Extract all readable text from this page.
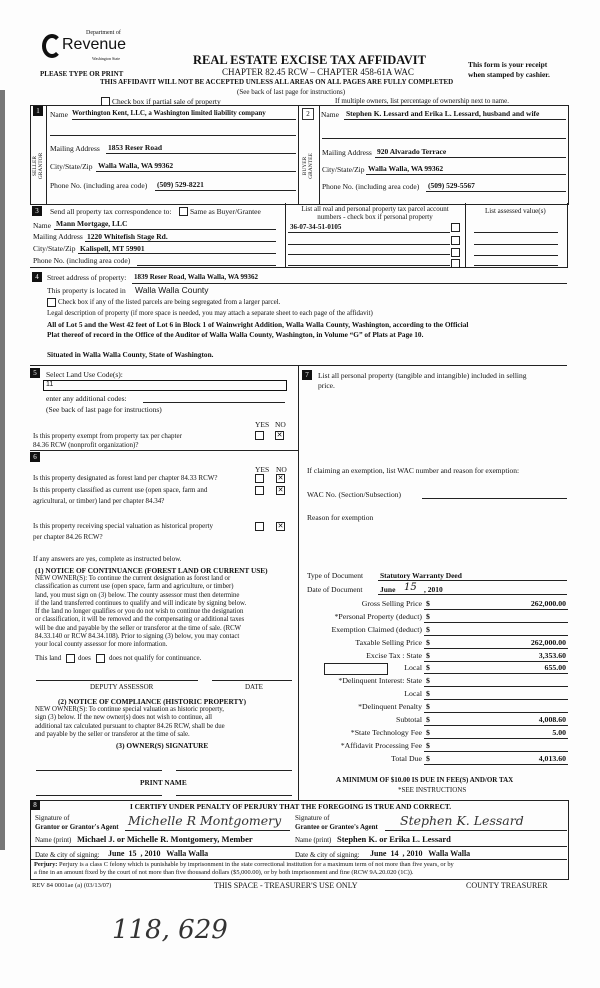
Department of
Revenue
Washington State
PLEASE TYPE OR PRINT
REAL ESTATE EXCISE TAX AFFIDAVIT
CHAPTER 82.45 RCW – CHAPTER 458-61A WAC
THIS AFFIDAVIT WILL NOT BE ACCEPTED UNLESS ALL AREAS ON ALL PAGES ARE FULLY COMPLETED
(See back of last page for instructions)
This form is your receipt
when stamped by cashier.
Check box if partial sale of property	If multiple owners, list percentage of ownership next to name.
1
SELLER GRANTOR
Name Worthington Kent, LLC, a Washington limited liability company
Mailing Address 1853 Reser Road
City/State/Zip Walla Walla, WA 99362
Phone No. (including area code) (509) 529-8221
2
BUYER GRANTEE
Name Stephen K. Lessard and Erika L. Lessard, husband and wife
Mailing Address 920 Alvarado Terrace
City/State/Zip Walla Walla, WA 99362
Phone No. (including area code) (509) 529-5567
3	Send all property tax correspondence to: Same as Buyer/Grantee
Name Mann Mortgage, LLC
Mailing Address 1220 Whitefish Stage Rd.
City/State/Zip Kalispell, MT 59901
Phone No. (including area code)
List all real and personal property tax parcel account numbers - check box if personal property
List assessed value(s)
36-07-34-51-0105
4	Street address of property: 1839 Reser Road, Walla Walla, WA 99362
This property is located in Walla Walla County
Check box if any of the listed parcels are being segregated from a larger parcel.
Legal description of property (if more space is needed, you may attach a separate sheet to each page of the affidavit)
All of Lot 5 and the West 42 feet of Lot 6 in Block 1 of Wainwright Addition, Walla Walla County, Washington, according to the Official
Plat thereof of record in the Office of the Auditor of Walla Walla County, Washington, in Volume “G” of Plats at Page 10.
Situated in Walla Walla County, State of Washington.
5	Select Land Use Code(s):
11
enter any additional codes:
(See back of last page for instructions)
YES NO
Is this property exempt from property tax per chapter
84.36 RCW (nonprofit organization)?
✕
7	List all personal property (tangible and intangible) included in selling
price.
6
YES NO
Is this property designated as forest land per chapter 84.33 RCW?	✕
Is this property classified as current use (open space, farm and
agricultural, or timber) land per chapter 84.34?
✕
Is this property receiving special valuation as historical property
per chapter 84.26 RCW?
✕
If any answers are yes, complete as instructed below.
(1) NOTICE OF CONTINUANCE (FOREST LAND OR CURRENT USE)
NEW OWNER(S): To continue the current designation as forest land or
classification as current use (open space, farm and agriculture, or timber)
land, you must sign on (3) below. The county assessor must then determine
if the land transferred continues to qualify and will indicate by signing below.
If the land no longer qualifies or you do not wish to continue the designation
or classification, it will be removed and the compensating or additional taxes
will be due and payable by the seller or transferor at the time of sale. (RCW
84.33.140 or RCW 84.34.108). Prior to signing (3) below, you may contact
your local county assessor for more information.
This land does	does not qualify for continuance.
DEPUTY ASSESSOR	DATE
(2) NOTICE OF COMPLIANCE (HISTORIC PROPERTY)
NEW OWNER(S): To continue special valuation as historic property,
sign (3) below. If the new owner(s) does not wish to continue, all
additional tax calculated pursuant to chapter 84.26 RCW, shall be due
and payable by the seller or transferor at the time of sale.
(3) OWNER(S) SIGNATURE
PRINT NAME
If claiming an exemption, list WAC number and reason for exemption:
WAC No. (Section/Subsection)
Reason for exemption
Type of Document Statutory Warranty Deed
Date of Document June 15 , 2010
Gross Selling Price $	262,000.00
*Personal Property (deduct) $
Exemption Claimed (deduct) $
Taxable Selling Price $	262,000.00
Excise Tax : State $	3,353.60
Local $	655.00
*Delinquent Interest: State $
Local $
*Delinquent Penalty $
Subtotal $	4,008.60
*State Technology Fee $	5.00
*Affidavit Processing Fee $
Total Due $	4,013.60
A MINIMUM OF $10.00 IS DUE IN FEE(S) AND/OR TAX
*SEE INSTRUCTIONS
8	I CERTIFY UNDER PENALTY OF PERJURY THAT THE FOREGOING IS TRUE AND CORRECT.
Signature of
Grantor or Grantor's Agent Michelle R Montgomery Signature of
Grantee or Grantee's Agent Stephen K. Lessard
Name (print) Michael J. or Michelle R. Montgomery, Member	Name (print) Stephen K. or Erika L. Lessard
Date & city of signing: June  15  , 2010   Walla Walla	Date & city of signing: June  14  , 2010   Walla Walla
Perjury: Perjury is a class C felony which is punishable by imprisonment in the state correctional institution for a maximum term of not more than five years, or by
a fine in an amount fixed by the court of not more than five thousand dollars ($5,000.00), or by both imprisonment and fine (RCW 9A.20.020 (1C)).
REV 84 0001ae (a) (03/13/07)	THIS SPACE - TREASURER'S USE ONLY	COUNTY TREASURER
118, 629
